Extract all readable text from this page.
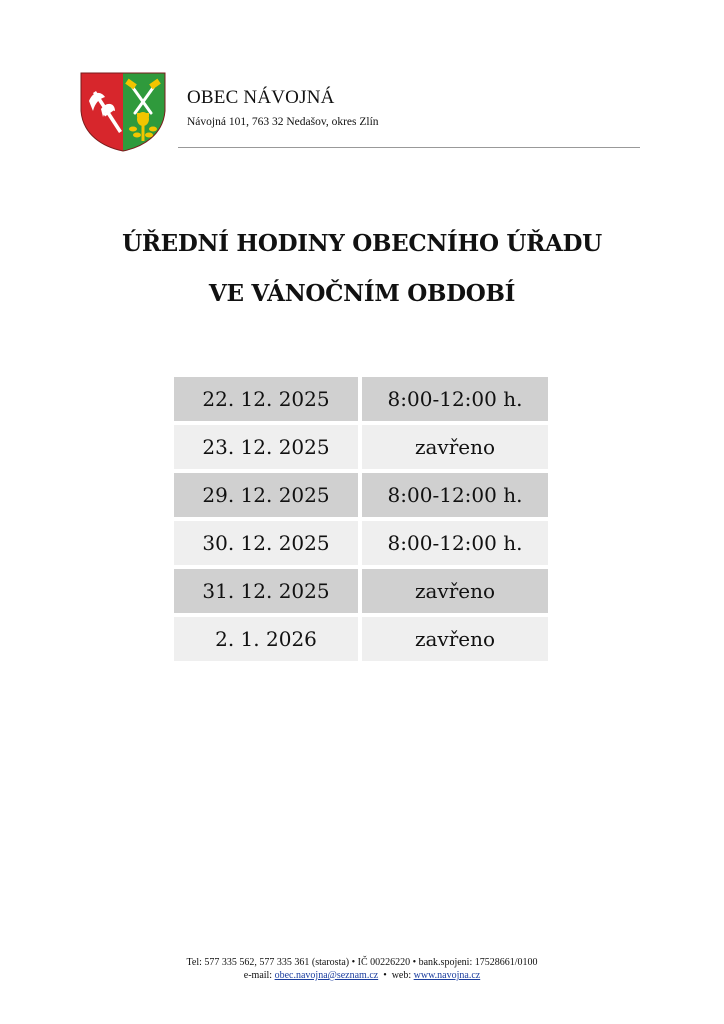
OBEC NÁVOJNÁ
Návojná 101, 763 32 Nedašov, okres Zlín
ÚŘEDNÍ HODINY OBECNÍHO ÚŘADU
VE VÁNOČNÍM OBDOBÍ
22. 12. 2025	8:00-12:00 h.
23. 12. 2025	zavřeno
29. 12. 2025	8:00-12:00 h.
30. 12. 2025	8:00-12:00 h.
31. 12. 2025	zavřeno
2. 1. 2026	zavřeno
Tel: 577 335 562, 577 335 361 (starosta) • IČ 00226220 • bank.spojeni: 17528661/0100
e-mail: obec.navojna@seznam.cz  •  web: www.navojna.cz
